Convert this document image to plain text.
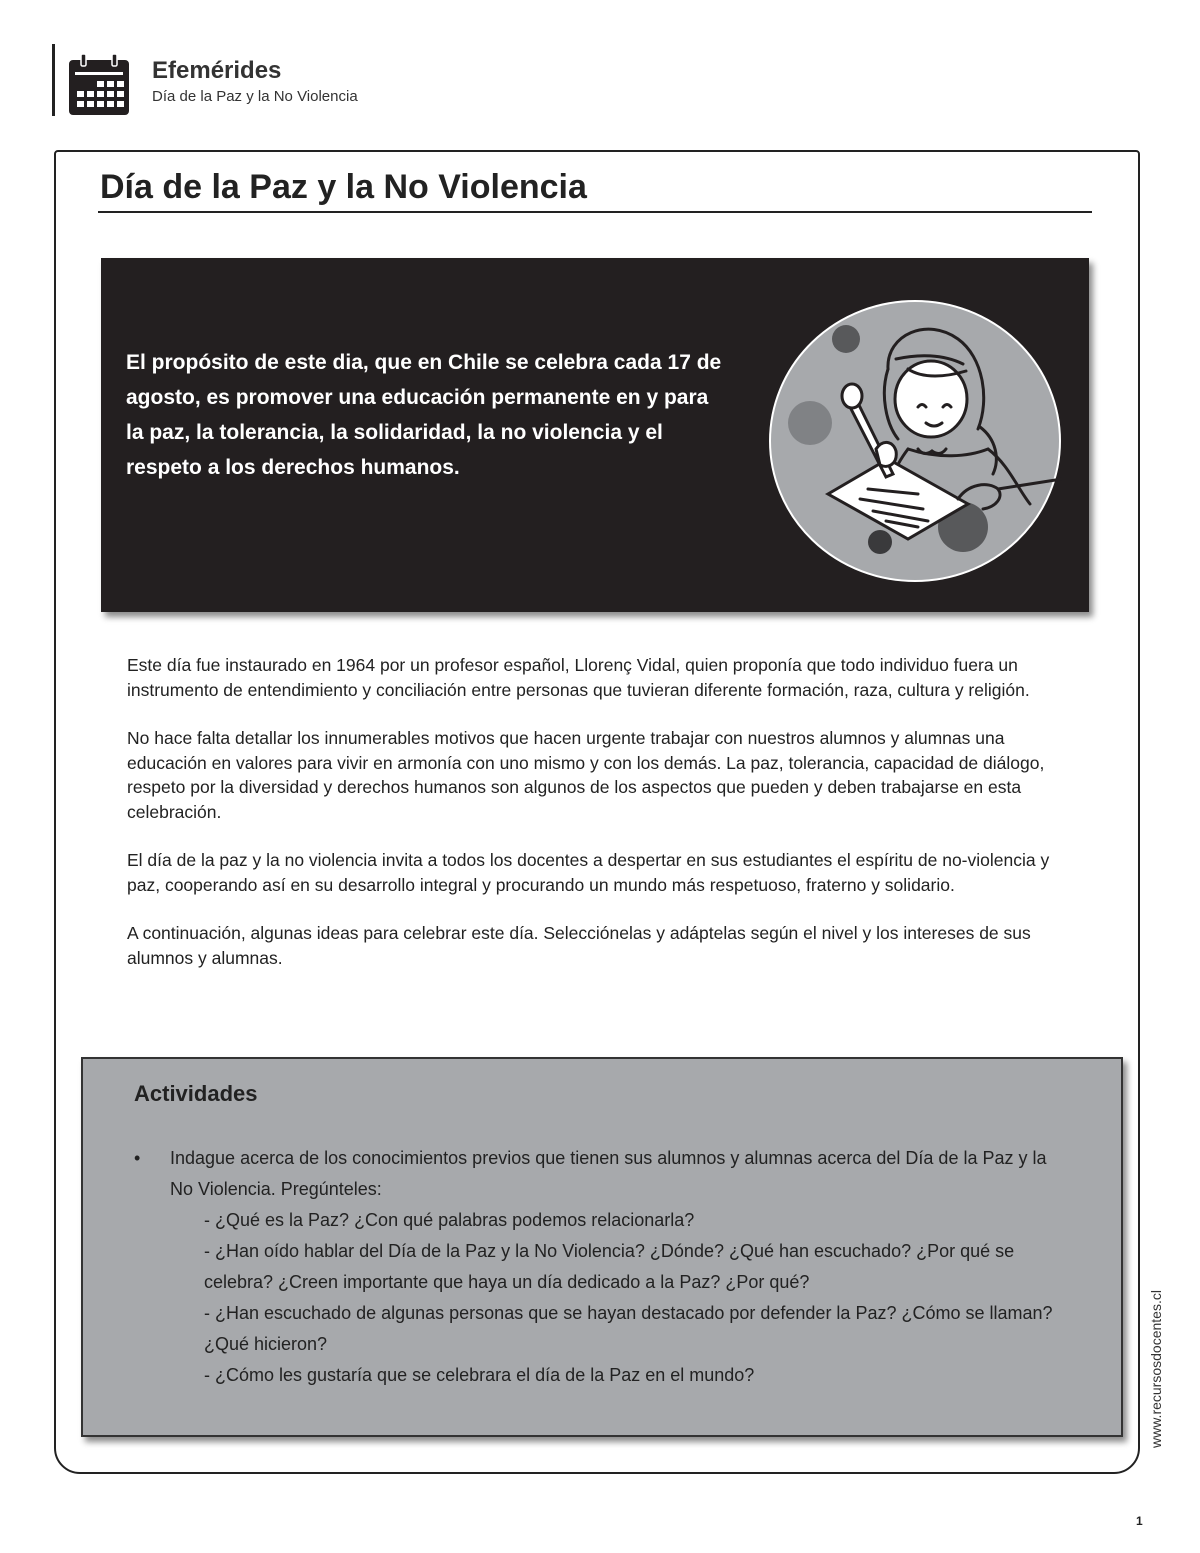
Efemérides
Día de la Paz y la No Violencia
Día de la Paz y la No Violencia
El propósito de este dia, que en Chile se celebra cada 17 de agosto, es promover una educación permanente en y para la paz, la tolerancia, la solidaridad, la no violencia y el respeto a los derechos humanos.

Este día fue instaurado en 1964 por un profesor español, Llorenç Vidal, quien proponía que todo individuo fuera un instrumento de entendimiento y conciliación entre personas que tuvieran diferente formación, raza, cultura y religión.

No hace falta detallar los innumerables motivos que hacen urgente trabajar con nuestros alumnos y alumnas una educación en valores para vivir en armonía con uno mismo y con los demás. La paz, tolerancia, capacidad de diálogo, respeto por la diversidad y derechos humanos son algunos de los aspectos que pueden y deben trabajarse en esta celebración.

El día de la paz y la no violencia invita a todos los docentes a despertar en sus estudiantes el espíritu de no-violencia y paz, cooperando así en su desarrollo integral y procurando un mundo más respetuoso, fraterno y solidario.

A continuación, algunas ideas para celebrar este día. Selecciónelas y adáptelas según el nivel y los intereses de sus alumnos y alumnas.

Actividades
• Indague acerca de los conocimientos previos que tienen sus alumnos y alumnas acerca del Día de la Paz y la No Violencia. Pregúnteles:
- ¿Qué es la Paz? ¿Con qué palabras podemos relacionarla?
- ¿Han oído hablar del Día de la Paz y la No Violencia? ¿Dónde? ¿Qué han escuchado? ¿Por qué se celebra? ¿Creen importante que haya un día dedicado a la Paz? ¿Por qué?
- ¿Han escuchado de algunas personas que se hayan destacado por defender la Paz? ¿Cómo se llaman? ¿Qué hicieron?
- ¿Cómo les gustaría que se celebrara el día de la Paz en el mundo?	www.recursosdocentes.cl
1
